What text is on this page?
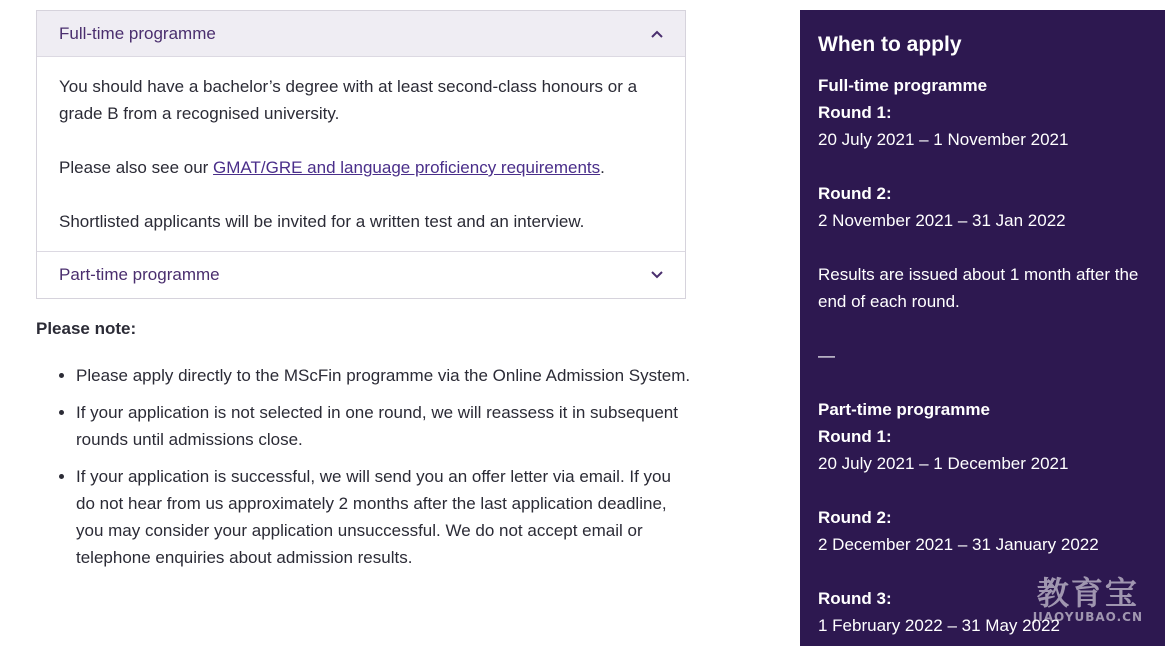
Full-time programme

You should have a bachelor’s degree with at least second-class honours or a grade B from a recognised university.

Please also see our GMAT/GRE and language proficiency requirements.

Shortlisted applicants will be invited for a written test and an interview.

Part-time programme
Please note:
• Please apply directly to the MScFin programme via the Online Admission System.
• If your application is not selected in one round, we will reassess it in subsequent rounds until admissions close.
• If your application is successful, we will send you an offer letter via email. If you do not hear from us approximately 2 months after the last application deadline, you may consider your application unsuccessful. We do not accept email or telephone enquiries about admission results.
When to apply
Full-time programme
Round 1:
20 July 2021 – 1 November 2021
Round 2:
2 November 2021 – 31 Jan 2022
Results are issued about 1 month after the end of each round.
—
Part-time programme
Round 1:
20 July 2021 – 1 December 2021
Round 2:
2 December 2021 – 31 January 2022
Round 3:
1 February 2022 – 31 May 2022
教育宝
JIAOYUBAO.CN
